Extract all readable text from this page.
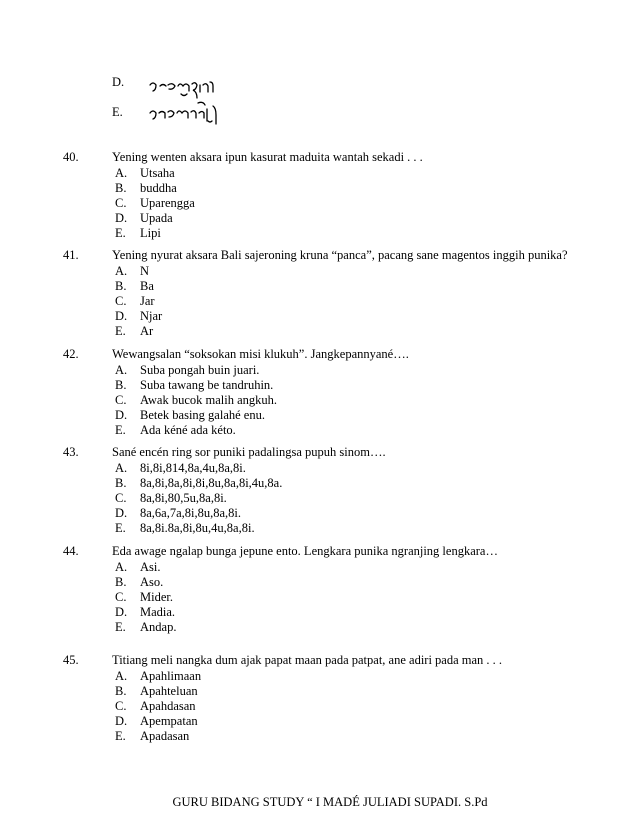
D.
E.
40.	Yening wenten aksara ipun kasurat maduita wantah sekadi . . .
A. Utsaha
B. buddha
C. Uparengga
D. Upada
E. Lipi
41.	Yening nyurat aksara Bali sajeroning kruna “panca”, pacang sane magentos inggih punika?
A. N
B. Ba
C. Jar
D. Njar
E. Ar
42.	Wewangsalan “soksokan misi klukuh”. Jangkepannyané….
A. Suba pongah buin juari.
B. Suba tawang be tandruhin.
C. Awak bucok malih angkuh.
D. Betek basing galahé enu.
E. Ada kéné ada kéto.
43.	Sané encén ring sor puniki padalingsa pupuh sinom….
A. 8i,8i,814,8a,4u,8a,8i.
B. 8a,8i,8a,8i,8i,8u,8a,8i,4u,8a.
C. 8a,8i,80,5u,8a,8i.
D. 8a,6a,7a,8i,8u,8a,8i.
E. 8a,8i.8a,8i,8u,4u,8a,8i.
44.	Eda awage ngalap bunga jepune ento. Lengkara punika ngranjing lengkara…
A. Asi.
B. Aso.
C. Mider.
D. Madia.
E. Andap.
45.	Titiang meli nangka dum ajak papat maan pada patpat, ane adiri pada man . . .
A. Apahlimaan
B. Apahteluan
C. Apahdasan
D. Apempatan
E. Apadasan
GURU BIDANG STUDY “ I MADÉ JULIADI SUPADI. S.Pd
